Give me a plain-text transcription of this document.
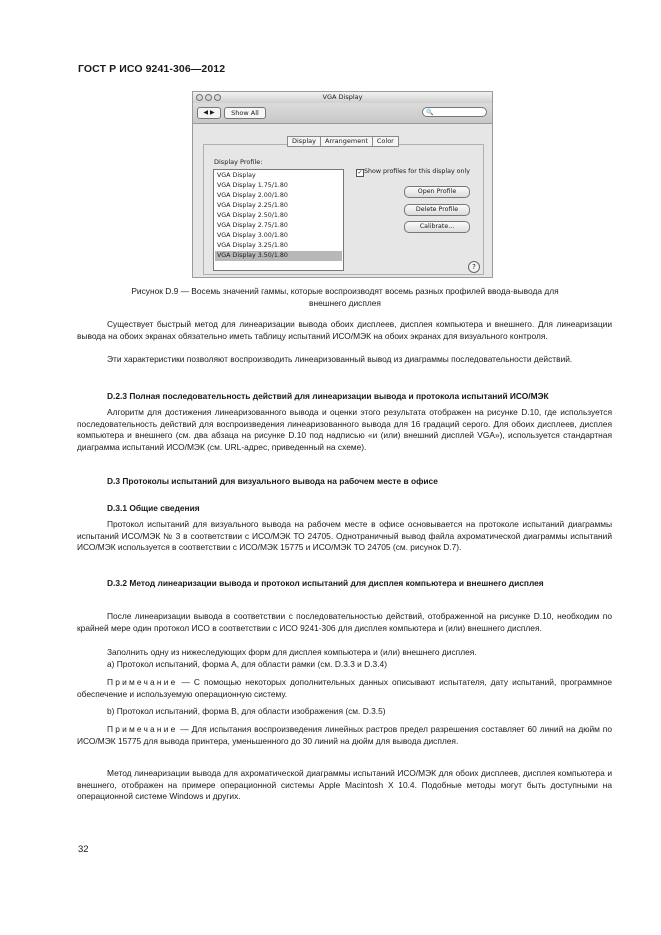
ГОСТ Р ИСО 9241-306—2012
VGA Display
◀ ▶	Show All	🔍
Display	Arrangement	Color
Display Profile:
VGA Display
VGA Display 1.75/1.80
VGA Display 2.00/1.80
VGA Display 2.25/1.80
VGA Display 2.50/1.80
VGA Display 2.75/1.80
VGA Display 3.00/1.80
VGA Display 3.25/1.80
VGA Display 3.50/1.80
✓ Show profiles for this display only
Open Profile
Delete Profile
Calibrate...
?
Рисунок D.9 — Восемь значений гаммы, которые воспроизводят восемь разных профилей ввода-вывода для
внешнего дисплея
Существует быстрый метод для линеаризации вывода обоих дисплеев, дисплея компьютера и внешнего. Для линеаризации вывода на обоих экранах обязательно иметь таблицу испытаний ИСО/МЭК на обоих экранах для визуального контроля.
Эти характеристики позволяют воспроизводить линеаризованный вывод из диаграммы последовательности действий.
D.2.3 Полная последовательность действий для линеаризации вывода и протокола испытаний ИСО/МЭК
Алгоритм для достижения линеаризованного вывода и оценки этого результата отображен на рисунке D.10, где используется последовательность действий для воспроизведения линеаризованного вывода для 16 градаций серого. Для обоих дисплеев, дисплея компьютера и внешнего (см. два абзаца на рисунке D.10 под надписью «и (или) внешний дисплей VGA»), используется стандартная диаграмма испытаний ИСО/МЭК (см. URL-адрес, приведенный на схеме).
D.3 Протоколы испытаний для визуального вывода на рабочем месте в офисе
D.3.1 Общие сведения
Протокол испытаний для визуального вывода на рабочем месте в офисе основывается на протоколе испытаний диаграммы испытаний ИСО/МЭК № 3 в соответствии с ИСО/МЭК ТО 24705. Однотраничный вывод файла ахроматической диаграммы испытаний ИСО/МЭК используется в соответствии с ИСО/МЭК 15775 и ИСО/МЭК ТО 24705 (см. рисунок D.7).
D.3.2 Метод линеаризации вывода и протокол испытаний для дисплея компьютера и внешнего дисплея
После линеаризации вывода в соответствии с последовательностью действий, отображенной на рисунке D.10, необходим по крайней мере один протокол ИСО в соответствии с ИСО 9241-306 для дисплея компьютера и (или) внешнего дисплея.
Заполнить одну из нижеследующих форм для дисплея компьютера и (или) внешнего дисплея.
а) Протокол испытаний, форма А, для области рамки (см. D.3.3 и D.3.4)
Примечание — С помощью некоторых дополнительных данных описывают испытателя, дату испытаний, программное обеспечение и используемую операционную систему.
b) Протокол испытаний, форма В, для области изображения (см. D.3.5)
Примечание — Для испытания воспроизведения линейных растров предел разрешения составляет 60 линий на дюйм по ИСО/МЭК 15775 для вывода принтера, уменьшенного до 30 линий на дюйм для вывода дисплея.
Метод линеаризации вывода для ахроматической диаграммы испытаний ИСО/МЭК для обоих дисплеев, дисплея компьютера и внешнего, отображен на примере операционной системы Apple Macintosh X 10.4. Подобные методы могут быть доступными на операционной системе Windows и других.
32
